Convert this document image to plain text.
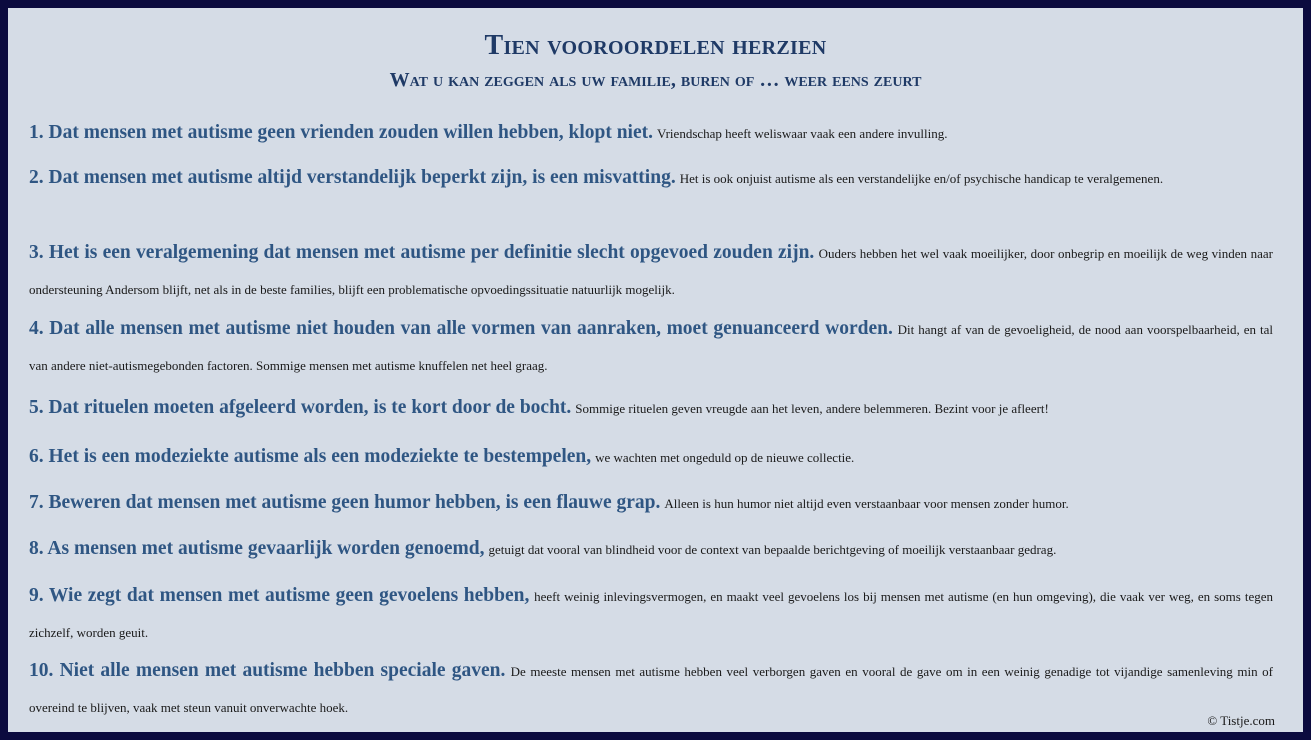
Tien vooroordelen herzien
Wat u kan zeggen als uw familie, buren of … weer eens zeurt

1. Dat mensen met autisme geen vrienden zouden willen hebben, klopt niet. Vriendschap heeft weliswaar vaak een andere invulling.

2. Dat mensen met autisme altijd verstandelijk beperkt zijn, is een misvatting. Het is ook onjuist autisme als een verstandelijke en/of psychische handicap te veralgemenen.

3. Het is een veralgemening dat mensen met autisme per definitie slecht opgevoed zouden zijn. Ouders hebben het wel vaak moeilijker, door onbegrip en moeilijk de weg vinden naar ondersteuning Andersom blijft, net als in de beste families, blijft een problematische opvoedingssituatie natuurlijk mogelijk.

4. Dat alle mensen met autisme niet houden van alle vormen van aanraken, moet genuanceerd worden. Dit hangt af van de gevoeligheid, de nood aan voorspelbaarheid, en tal van andere niet-autismegebonden factoren. Sommige mensen met autisme knuffelen net heel graag.

5. Dat rituelen moeten afgeleerd worden, is te kort door de bocht. Sommige rituelen geven vreugde aan het leven, andere belemmeren. Bezint voor je afleert!

6. Het is een modeziekte autisme als een modeziekte te bestempelen, we wachten met ongeduld op de nieuwe collectie.

7. Beweren dat mensen met autisme geen humor hebben, is een flauwe grap. Alleen is hun humor niet altijd even verstaanbaar voor mensen zonder humor.

8. As mensen met autisme gevaarlijk worden genoemd, getuigt dat vooral van blindheid voor de context van bepaalde berichtgeving of moeilijk verstaanbaar gedrag.

9. Wie zegt dat mensen met autisme geen gevoelens hebben, heeft weinig inlevingsvermogen, en maakt veel gevoelens los bij mensen met autisme (en hun omgeving), die vaak ver weg, en soms tegen zichzelf, worden geuit.

10. Niet alle mensen met autisme hebben speciale gaven. De meeste mensen met autisme hebben veel verborgen gaven en vooral de gave om in een weinig genadige tot vijandige samenleving min of overeind te blijven, vaak met steun vanuit onverwachte hoek.

© Tistje.com
